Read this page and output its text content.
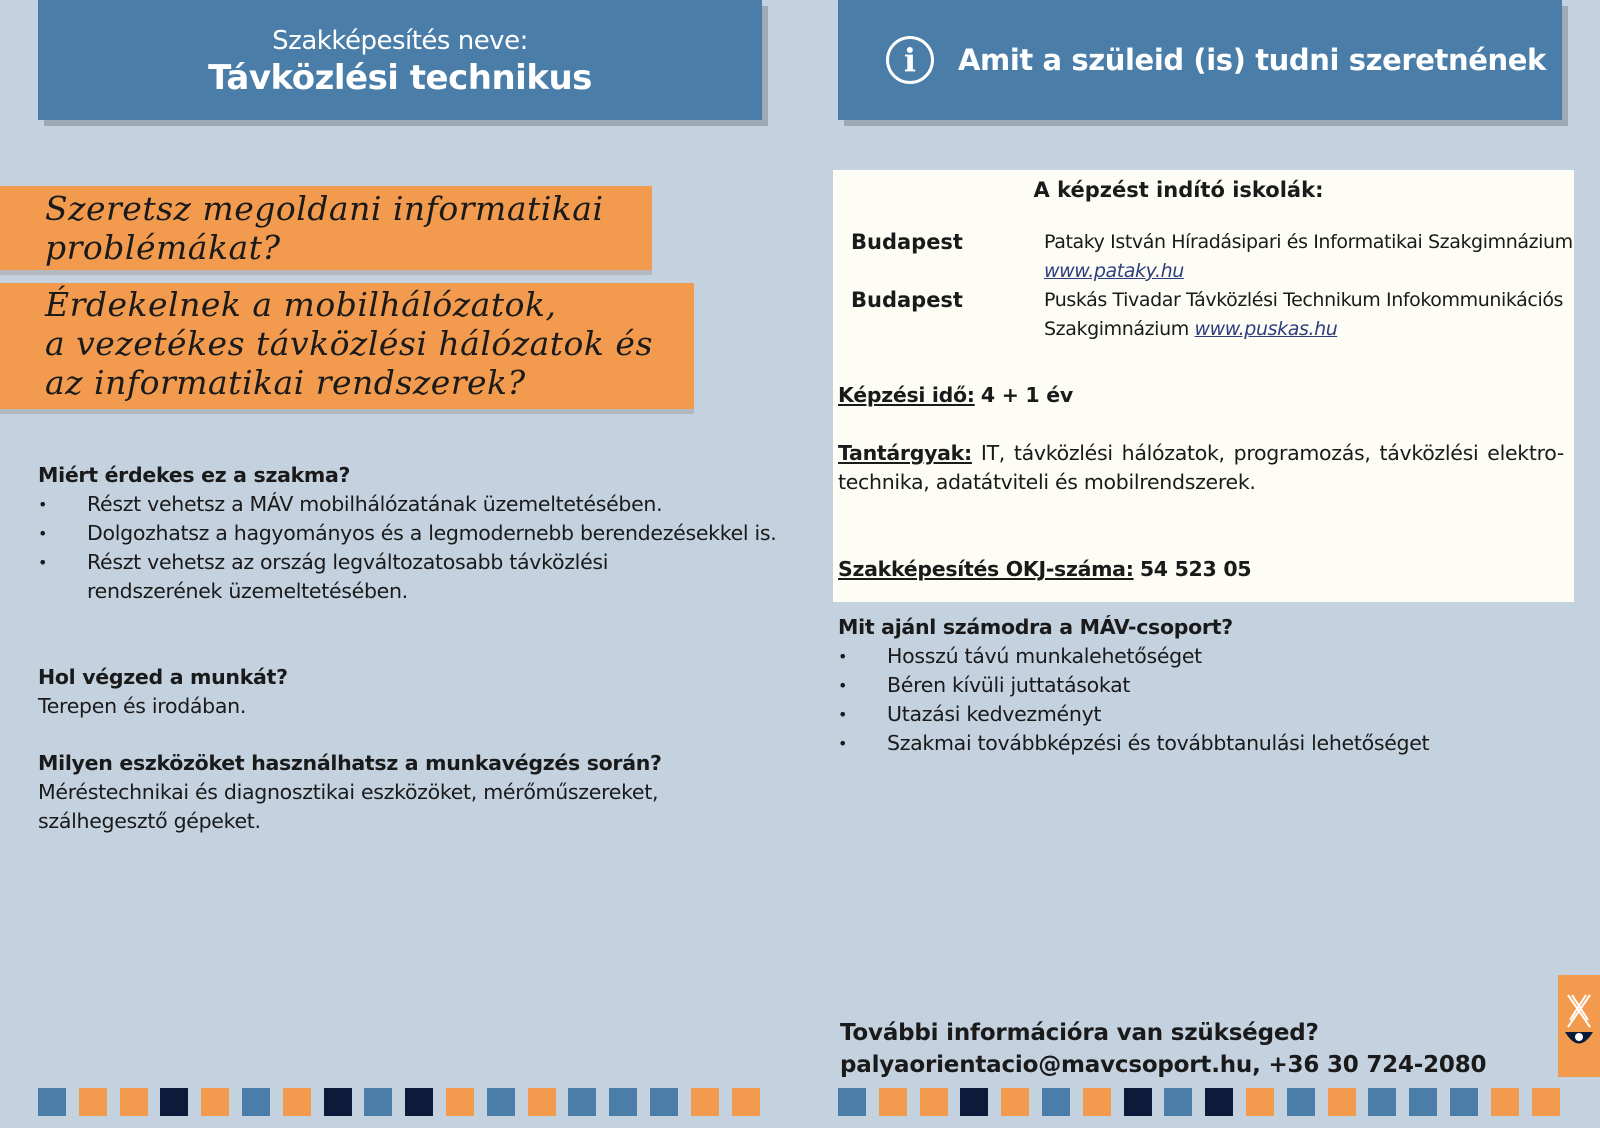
Szakképesítés neve:
Távközlési technikus	i	Amit a szüleid (is) tudni szeretnének
Szeretsz megoldani informatikai
problémákat?
Érdekelnek a mobilhálózatok,
a vezetékes távközlési hálózatok és
az informatikai rendszerek?
Miért érdekes ez a szakma?
• Részt vehetsz a MÁV mobilhálózatának üzemeltetésében.
• Dolgozhatsz a hagyományos és a legmodernebb berendezésekkel is.
• Részt vehetsz az ország legváltozatosabb távközlési rendszerének üzemeltetésében.
Hol végzed a munkát?
Terepen és irodában.
Milyen eszközöket használhatsz a munkavégzés során?
Méréstechnikai és diagnosztikai eszközöket, mérőműszereket, szálhegesztő gépeket.
A képzést indító iskolák:
Budapest	Pataky István Híradásipari és Informatikai Szakgimnázium
www.pataky.hu
Budapest	Puskás Tivadar Távközlési Technikum Infokommunikációs
Szakgimnázium www.puskas.hu
Képzési idő: 4 + 1 év
Tantárgyak: IT, távközlési hálózatok, programozás, távközlési elektro-technika, adatátviteli és mobilrendszerek.
Szakképesítés OKJ-száma: 54 523 05
Mit ajánl számodra a MÁV-csoport?
• Hosszú távú munkalehetőséget
• Béren kívüli juttatásokat
• Utazási kedvezményt
• Szakmai továbbképzési és továbbtanulási lehetőséget
További információra van szükséged?
palyaorientacio@mavcsoport.hu, +36 30 724-2080
